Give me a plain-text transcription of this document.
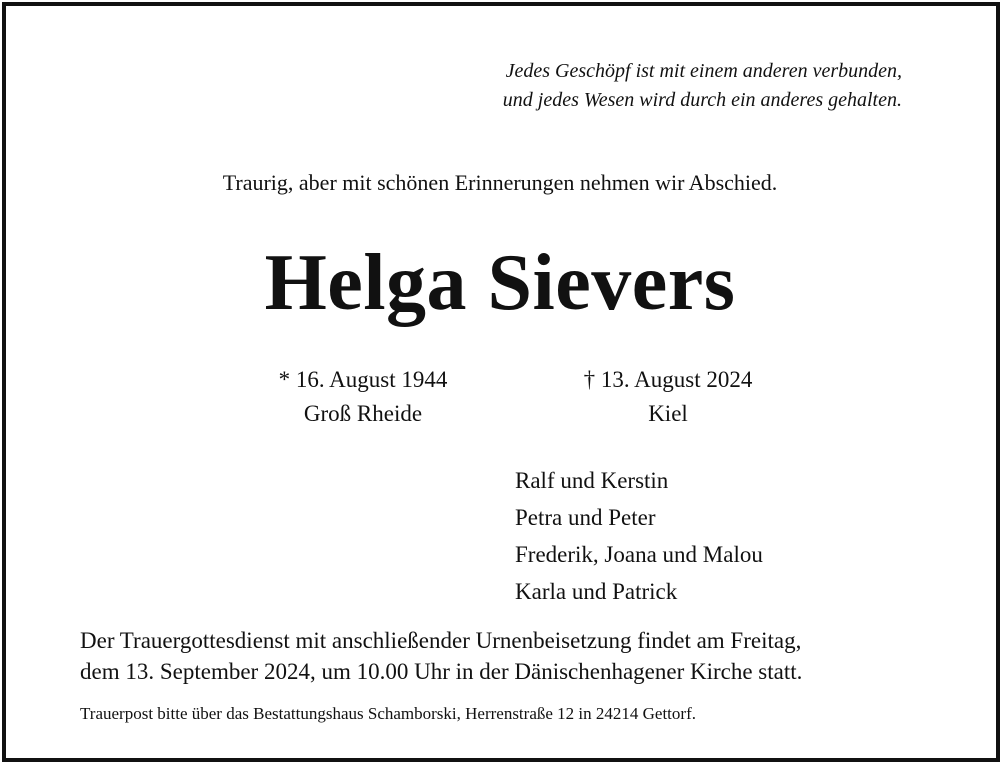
Jedes Geschöpf ist mit einem anderen verbunden,
und jedes Wesen wird durch ein anderes gehalten.
Traurig, aber mit schönen Erinnerungen nehmen wir Abschied.
Helga Sievers
* 16. August 1944
Groß Rheide
† 13. August 2024
Kiel
Ralf und Kerstin
Petra und Peter
Frederik, Joana und Malou
Karla und Patrick
Der Trauergottesdienst mit anschließender Urnenbeisetzung findet am Freitag,
dem 13. September 2024, um 10.00 Uhr in der Dänischenhagener Kirche statt.
Trauerpost bitte über das Bestattungshaus Schamborski, Herrenstraße 12 in 24214 Gettorf.
